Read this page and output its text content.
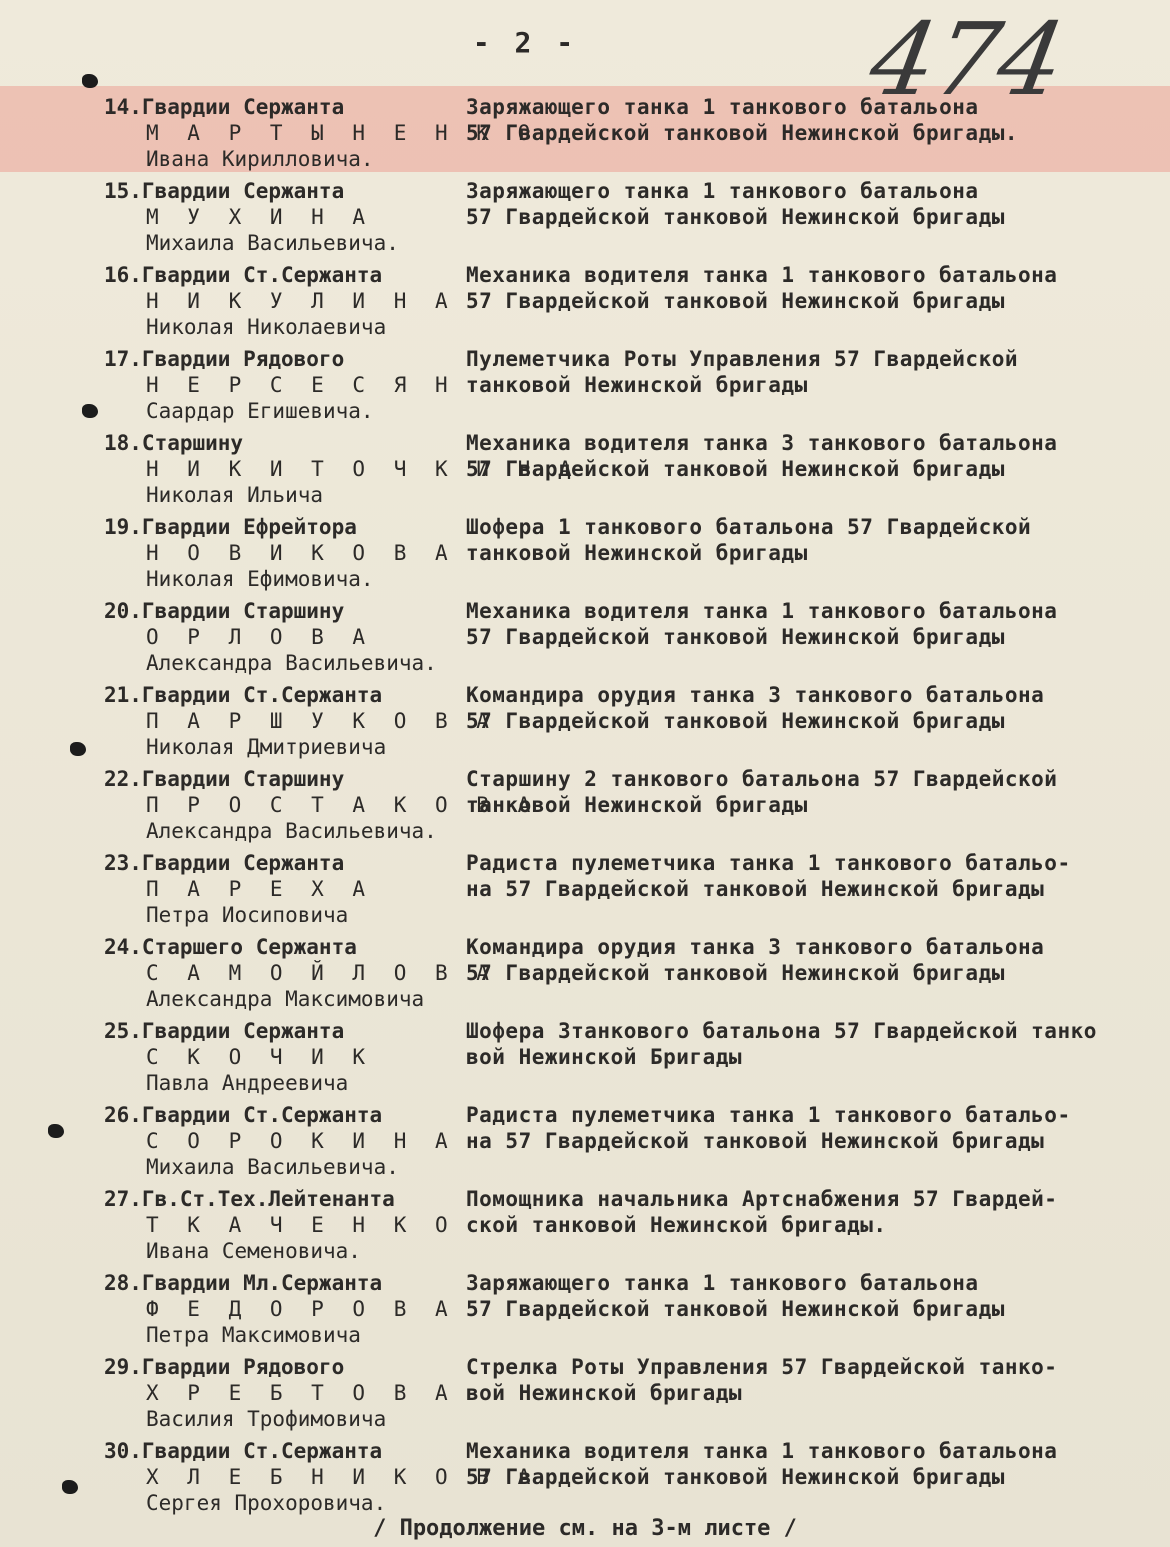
- 2 -	474
14.Гвардии Сержанта
М А Р Т Ы Н Е Н К О
Ивана Кирилловича.
Заряжающего танка 1 танкового батальона
57 Гвардейской танковой Нежинской бригады.
15.Гвардии Сержанта
М У Х И Н А
Михаила Васильевича.
Заряжающего танка 1 танкового батальона
57 Гвардейской танковой Нежинской бригады
16.Гвардии Ст.Сержанта
Н И К У Л И Н А
Николая Николаевича
Механика водителя танка 1 танкового батальона
57 Гвардейской танковой Нежинской бригады
17.Гвардии Рядового
Н Е Р С Е С Я Н
Саардар Егишевича.
Пулеметчика Роты Управления 57 Гвардейской
танковой Нежинской бригады
18.Старшину
Н И К И Т О Ч К И Н А
Николая Ильича
Механика водителя танка 3 танкового батальона
57 Гвардейской танковой Нежинской бригады
19.Гвардии Ефрейтора
Н О В И К О В А
Николая Ефимовича.
Шофера 1 танкового батальона 57 Гвардейской
танковой Нежинской бригады
20.Гвардии Старшину
О Р Л О В А
Александра Васильевича.
Механика водителя танка 1 танкового батальона
57 Гвардейской танковой Нежинской бригады
21.Гвардии Ст.Сержанта
П А Р Ш У К О В А
Николая Дмитриевича
Командира орудия танка 3 танкового батальона
57 Гвардейской танковой Нежинской бригады
22.Гвардии Старшину
П Р О С Т А К О В А
Александра Васильевича.
Старшину 2 танкового батальона 57 Гвардейской
танковой Нежинской бригады
23.Гвардии Сержанта
П А Р Е Х А
Петра Иосиповича
Радиста пулеметчика танка 1 танкового батальо-
на 57 Гвардейской танковой Нежинской бригады
24.Старшего Сержанта
С А М О Й Л О В А
Александра Максимовича
Командира орудия танка 3 танкового батальона
57 Гвардейской танковой Нежинской бригады
25.Гвардии Сержанта
С К О Ч И К
Павла Андреевича
Шофера 3танкового батальона 57 Гвардейской танко
вой Нежинской Бригады
26.Гвардии Ст.Сержанта
С О Р О К И Н А
Михаила Васильевича.
Радиста пулеметчика танка 1 танкового батальо-
на 57 Гвардейской танковой Нежинской бригады
27.Гв.Ст.Тех.Лейтенанта
Т К А Ч Е Н К О
Ивана Семеновича.
Помощника начальника Артснабжения 57 Гвардей-
ской танковой Нежинской бригады.
28.Гвардии Мл.Сержанта
Ф Е Д О Р О В А
Петра Максимовича
Заряжающего танка 1 танкового батальона
57 Гвардейской танковой Нежинской бригады
29.Гвардии Рядового
Х Р Е Б Т О В А
Василия Трофимовича
Стрелка Роты Управления 57 Гвардейской танко-
вой Нежинской бригады
30.Гвардии Ст.Сержанта
Х Л Е Б Н И К О В А
Сергея Прохоровича.
Механика водителя танка 1 танкового батальона
57 Гвардейской танковой Нежинской бригады
/ Продолжение см. на 3-м листе /
